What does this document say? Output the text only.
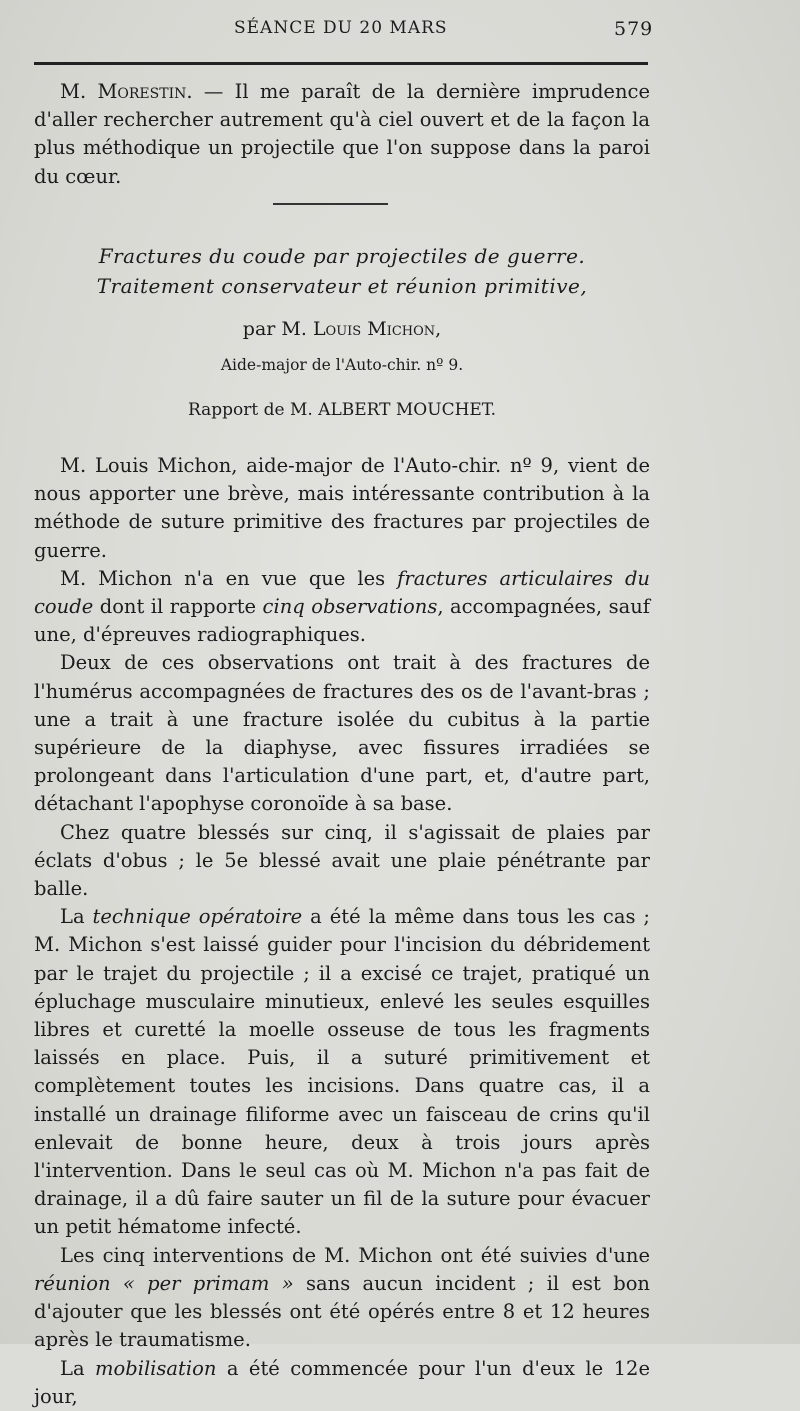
SÉANCE DU 20 MARS	579

M. Morestin. — Il me paraît de la dernière imprudence d'aller rechercher autrement qu'à ciel ouvert et de la façon la plus méthodique un projectile que l'on suppose dans la paroi du cœur.

Fractures du coude par projectiles de guerre.
Traitement conservateur et réunion primitive,
par M. Louis Michon,
Aide-major de l'Auto-chir. nº 9.
Rapport de M. ALBERT MOUCHET.

M. Louis Michon, aide-major de l'Auto-chir. nº 9, vient de nous apporter une brève, mais intéressante contribution à la méthode de suture primitive des fractures par projectiles de guerre.

M. Michon n'a en vue que les fractures articulaires du coude dont il rapporte cinq observations, accompagnées, sauf une, d'épreuves radiographiques.

Deux de ces observations ont trait à des fractures de l'humérus accompagnées de fractures des os de l'avant-bras ; une a trait à une fracture isolée du cubitus à la partie supérieure de la diaphyse, avec fissures irradiées se prolongeant dans l'articulation d'une part, et, d'autre part, détachant l'apophyse coronoïde à sa base.

Chez quatre blessés sur cinq, il s'agissait de plaies par éclats d'obus ; le 5e blessé avait une plaie pénétrante par balle.

La technique opératoire a été la même dans tous les cas ; M. Michon s'est laissé guider pour l'incision du débridement par le trajet du projectile ; il a excisé ce trajet, pratiqué un épluchage musculaire minutieux, enlevé les seules esquilles libres et curetté la moelle osseuse de tous les fragments laissés en place. Puis, il a suturé primitivement et complètement toutes les incisions. Dans quatre cas, il a installé un drainage filiforme avec un faisceau de crins qu'il enlevait de bonne heure, deux à trois jours après l'intervention. Dans le seul cas où M. Michon n'a pas fait de drainage, il a dû faire sauter un fil de la suture pour évacuer un petit hématome infecté.

Les cinq interventions de M. Michon ont été suivies d'une réunion « per primam » sans aucun incident ; il est bon d'ajouter que les blessés ont été opérés entre 8 et 12 heures après le traumatisme.

La mobilisation a été commencée pour l'un d'eux le 12e jour,
